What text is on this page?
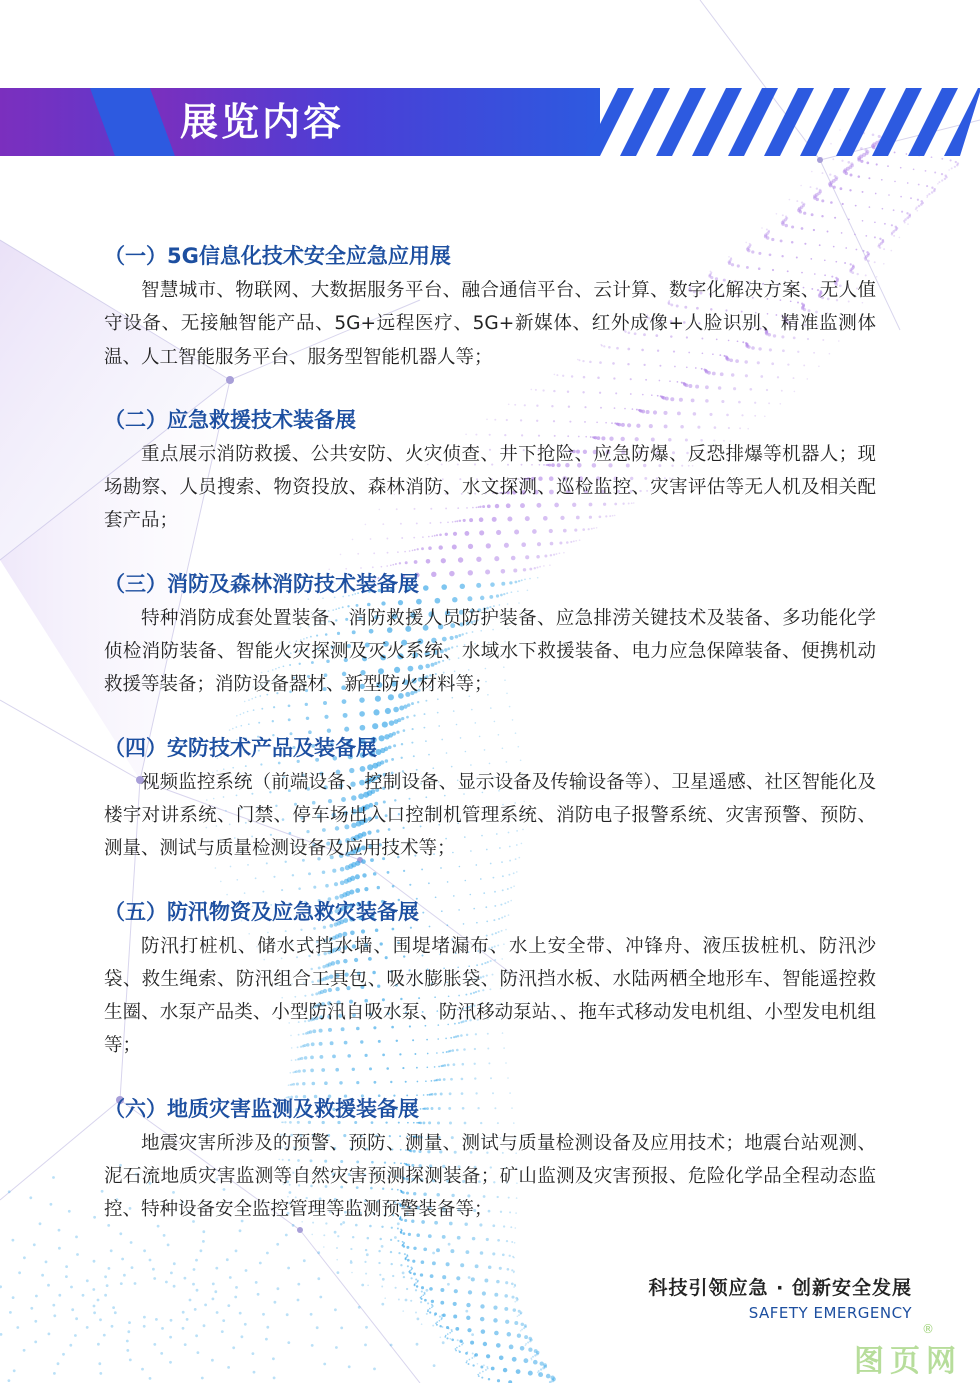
展览内容
（一）5G信息化技术安全应急应用展

智慧城市、物联网、大数据服务平台、融合通信平台、云计算、数字化解决方案、无人值守设备、无接触智能产品、5G+远程医疗、5G+新媒体、红外成像+人脸识别、精准监测体温、人工智能服务平台、服务型智能机器人等；

（二）应急救援技术装备展

重点展示消防救援、公共安防、火灾侦查、井下抢险、应急防爆、反恐排爆等机器人；现场勘察、人员搜索、物资投放、森林消防、水文探测、巡检监控、灾害评估等无人机及相关配套产品；

（三）消防及森林消防技术装备展

特种消防成套处置装备、消防救援人员防护装备、应急排涝关键技术及装备、多功能化学侦检消防装备、智能火灾探测及灭火系统、水域水下救援装备、电力应急保障装备、便携机动救援等装备；消防设备器材、新型防火材料等；

（四）安防技术产品及装备展

视频监控系统（前端设备、控制设备、显示设备及传输设备等）、卫星遥感、社区智能化及楼宇对讲系统、门禁、停车场出入口控制机管理系统、消防电子报警系统、灾害预警、预防、测量、测试与质量检测设备及应用技术等；

（五）防汛物资及应急救灾装备展

防汛打桩机、储水式挡水墙、围堤堵漏布、水上安全带、冲锋舟、液压拔桩机、防汛沙袋、救生绳索、防汛组合工具包、吸水膨胀袋、防汛挡水板、水陆两栖全地形车、智能遥控救生圈、水泵产品类、小型防汛自吸水泵、防汛移动泵站、、拖车式移动发电机组、小型发电机组等；

（六）地质灾害监测及救援装备展

地震灾害所涉及的预警、预防、测量、测试与质量检测设备及应用技术；地震台站观测、泥石流地质灾害监测等自然灾害预测探测装备；矿山监测及灾害预报、危险化学品全程动态监控、特种设备安全监控管理等监测预警装备等；

科技引领应急 · 创新安全发展
SAFETY EMERGENCY
图页网
®
